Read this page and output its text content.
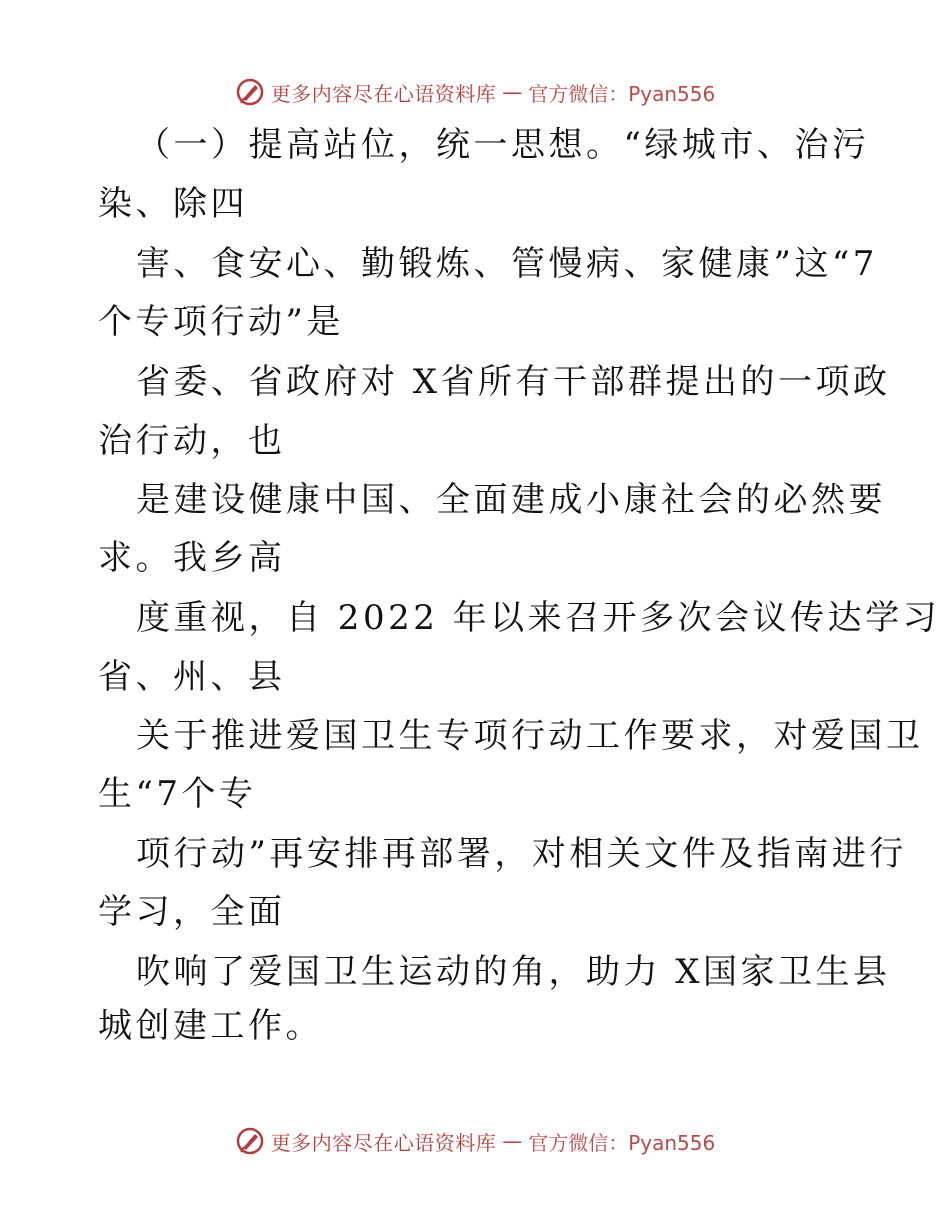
更多内容尽在心语资料库 — 官方微信：Pyan556
（一）提高站位，统一思想。“绿城市、治污
染、除四
害、食安心、勤锻炼、管慢病、家健康”这“7
个专项行动”是
省委、省政府对 X省所有干部群提出的一项政
治行动，也
是建设健康中国、全面建成小康社会的必然要
求。我乡高
度重视，自 2022 年以来召开多次会议传达学习
省、州、县
关于推进爱国卫生专项行动工作要求，对爱国卫
生“7个专
项行动”再安排再部署，对相关文件及指南进行
学习，全面
吹响了爱国卫生运动的角，助力 X国家卫生县
城创建工作。
更多内容尽在心语资料库 — 官方微信：Pyan556
